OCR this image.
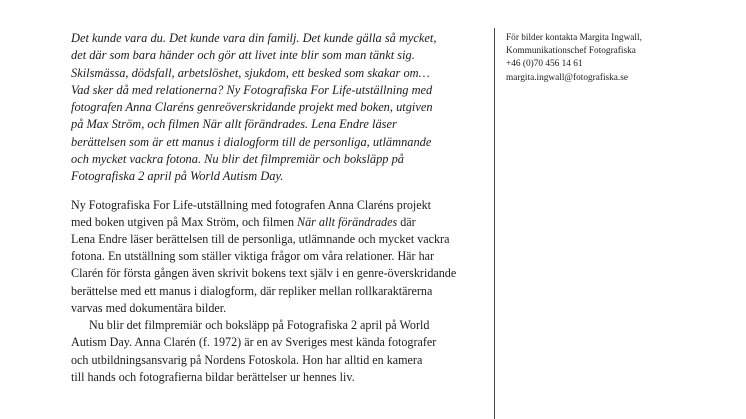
Det kunde vara du. Det kunde vara din familj. Det kunde gälla så mycket,
det där som bara händer och gör att livet inte blir som man tänkt sig.
Skilsmässa, dödsfall, arbetslöshet, sjukdom, ett besked som skakar om…
Vad sker då med relationerna? Ny Fotografiska For Life-utställning med
fotografen Anna Claréns genreöverskridande projekt med boken, utgiven
på Max Ström, och filmen När allt förändrades. Lena Endre läser
berättelsen som är ett manus i dialogform till de personliga, utlämnande
och mycket vackra fotona. Nu blir det filmpremiär och boksläpp på
Fotografiska 2 april på World Autism Day.

Ny Fotografiska For Life-utställning med fotografen Anna Claréns projekt
med boken utgiven på Max Ström, och filmen När allt förändrades där
Lena Endre läser berättelsen till de personliga, utlämnande och mycket vackra
fotona. En utställning som ställer viktiga frågor om våra relationer. Här har
Clarén för första gången även skrivit bokens text själv i en genre-överskridande
berättelse med ett manus i dialogform, där repliker mellan rollkaraktärerna
varvas med dokumentära bilder.

Nu blir det filmpremiär och boksläpp på Fotografiska 2 april på World
Autism Day. Anna Clarén (f. 1972) är en av Sveriges mest kända fotografer
och utbildningsansvarig på Nordens Fotoskola. Hon har alltid en kamera
till hands och fotografierna bildar berättelser ur hennes liv.

För bilder kontakta Margita Ingwall,
Kommunikationschef Fotografiska
+46 (0)70 456 14 61
margita.ingwall@fotografiska.se
